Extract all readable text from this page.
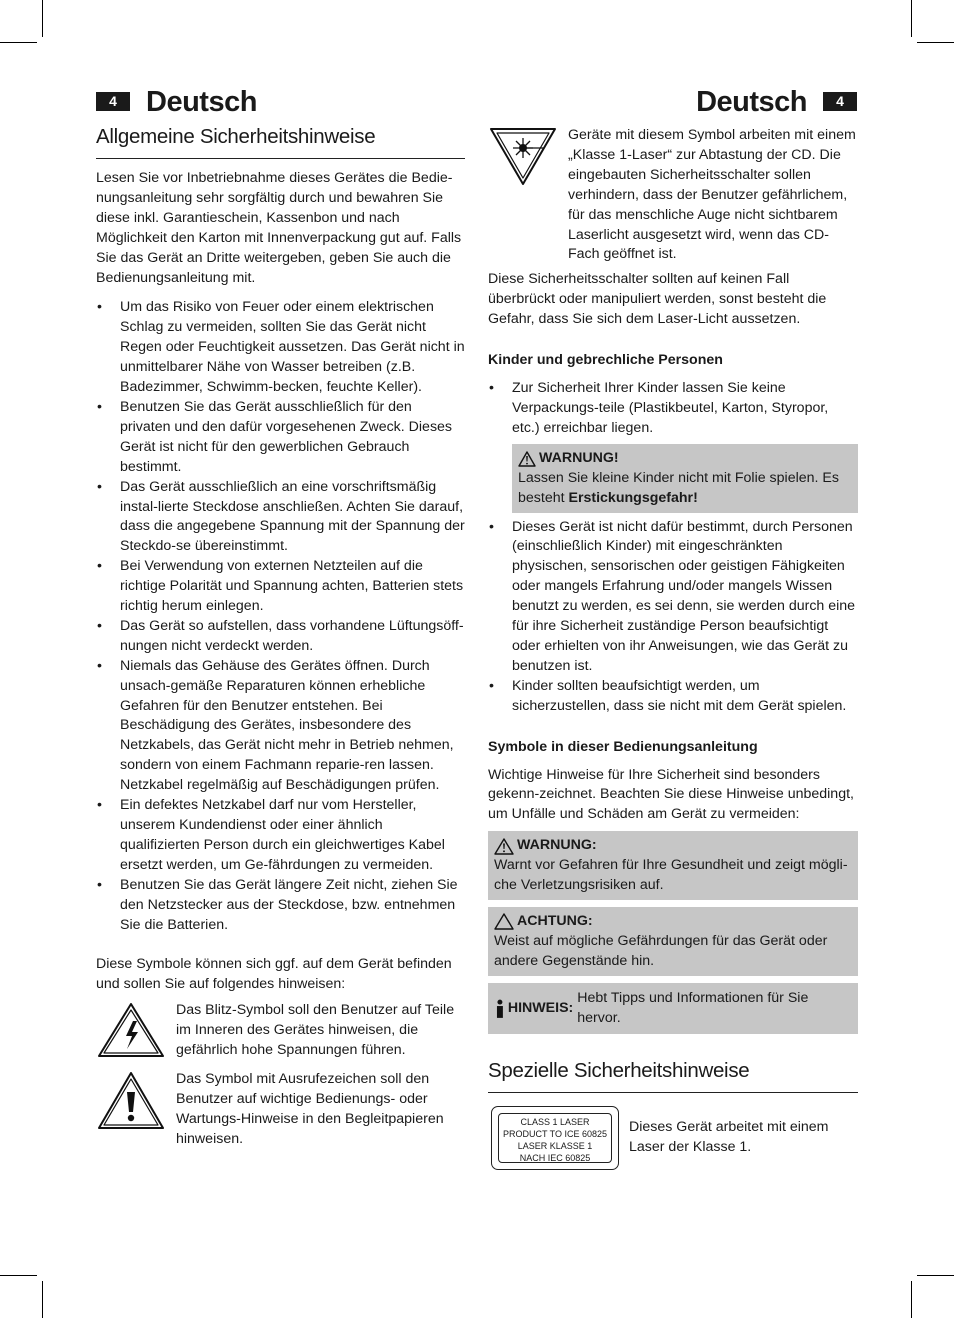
4	Deutsch	Deutsch	4
Allgemeine Sicherheitshinweise

Lesen Sie vor Inbetriebnahme dieses Gerätes die Bedie-nungsanleitung sehr sorgfältig durch und bewahren Sie diese inkl. Garantieschein, Kassenbon und nach Möglichkeit den Karton mit Innenverpackung gut auf. Falls Sie das Gerät an Dritte weitergeben, geben Sie auch die Bedienungsanleitung mit.

• Um das Risiko von Feuer oder einem elektrischen Schlag zu vermeiden, sollten Sie das Gerät nicht Regen oder Feuchtigkeit aussetzen. Das Gerät nicht in unmittelbarer Nähe von Wasser betreiben (z.B. Badezimmer, Schwimm-becken, feuchte Keller).
• Benutzen Sie das Gerät ausschließlich für den privaten und den dafür vorgesehenen Zweck. Dieses Gerät ist nicht für den gewerblichen Gebrauch bestimmt.
• Das Gerät ausschließlich an eine vorschriftsmäßig instal-lierte Steckdose anschließen. Achten Sie darauf, dass die angegebene Spannung mit der Spannung der Steckdo-se übereinstimmt.
• Bei Verwendung von externen Netzteilen auf die richtige Polarität und Spannung achten, Batterien stets richtig herum einlegen.
• Das Gerät so aufstellen, dass vorhandene Lüftungsöff-nungen nicht verdeckt werden.
• Niemals das Gehäuse des Gerätes öffnen. Durch unsach-gemäße Reparaturen können erhebliche Gefahren für den Benutzer entstehen. Bei Beschädigung des Gerätes, insbesondere des Netzkabels, das Gerät nicht mehr in Betrieb nehmen, sondern von einem Fachmann reparie-ren lassen. Netzkabel regelmäßig auf Beschädigungen prüfen.
• Ein defektes Netzkabel darf nur vom Hersteller, unserem Kundendienst oder einer ähnlich qualifizierten Person durch ein gleichwertiges Kabel ersetzt werden, um Ge-fährdungen zu vermeiden.
• Benutzen Sie das Gerät längere Zeit nicht, ziehen Sie den Netzstecker aus der Steckdose, bzw. entnehmen Sie die Batterien.

Diese Symbole können sich ggf. auf dem Gerät befinden und sollen Sie auf folgendes hinweisen:

Das Blitz-Symbol soll den Benutzer auf Teile im Inneren des Gerätes hinweisen, die gefährlich hohe Spannungen führen.

Das Symbol mit Ausrufezeichen soll den Benutzer auf wichtige Bedienungs- oder Wartungs-Hinweise in den Begleitpapieren hinweisen.

Geräte mit diesem Symbol arbeiten mit einem „Klasse 1-Laser“ zur Abtastung der CD. Die eingebauten Sicherheitsschalter sollen verhindern, dass der Benutzer gefährlichem, für das menschliche Auge nicht sichtbarem Laserlicht ausgesetzt wird, wenn das CD-Fach geöffnet ist.

Diese Sicherheitsschalter sollten auf keinen Fall überbrückt oder manipuliert werden, sonst besteht die Gefahr, dass Sie sich dem Laser-Licht aussetzen.

Kinder und gebrechliche Personen
• Zur Sicherheit Ihrer Kinder lassen Sie keine Verpackungs-teile (Plastikbeutel, Karton, Styropor, etc.) erreichbar liegen.
WARNUNG!

Lassen Sie kleine Kinder nicht mit Folie spielen. Es besteht Erstickungsgefahr!

• Dieses Gerät ist nicht dafür bestimmt, durch Personen (einschließlich Kinder) mit eingeschränkten physischen, sensorischen oder geistigen Fähigkeiten oder mangels Erfahrung und/oder mangels Wissen benutzt zu werden, es sei denn, sie werden durch eine für ihre Sicherheit zuständige Person beaufsichtigt oder erhielten von ihr Anweisungen, wie das Gerät zu benutzen ist.
• Kinder sollten beaufsichtigt werden, um sicherzustellen, dass sie nicht mit dem Gerät spielen.
Symbole in dieser Bedienungsanleitung

Wichtige Hinweise für Ihre Sicherheit sind besonders gekenn-zeichnet. Beachten Sie diese Hinweise unbedingt, um Unfälle und Schäden am Gerät zu vermeiden:

WARNUNG:

Warnt vor Gefahren für Ihre Gesundheit und zeigt mögli-che Verletzungsrisiken auf.

ACHTUNG:

Weist auf mögliche Gefährdungen für das Gerät oder andere Gegenstände hin.

HINWEIS:
Hebt Tipps und Informationen für Sie hervor.
Spezielle Sicherheitshinweise
CLASS 1 LASER
PRODUCT TO ICE 60825
LASER KLASSE 1
NACH IEC 60825

Dieses Gerät arbeitet mit einem Laser der Klasse 1.
